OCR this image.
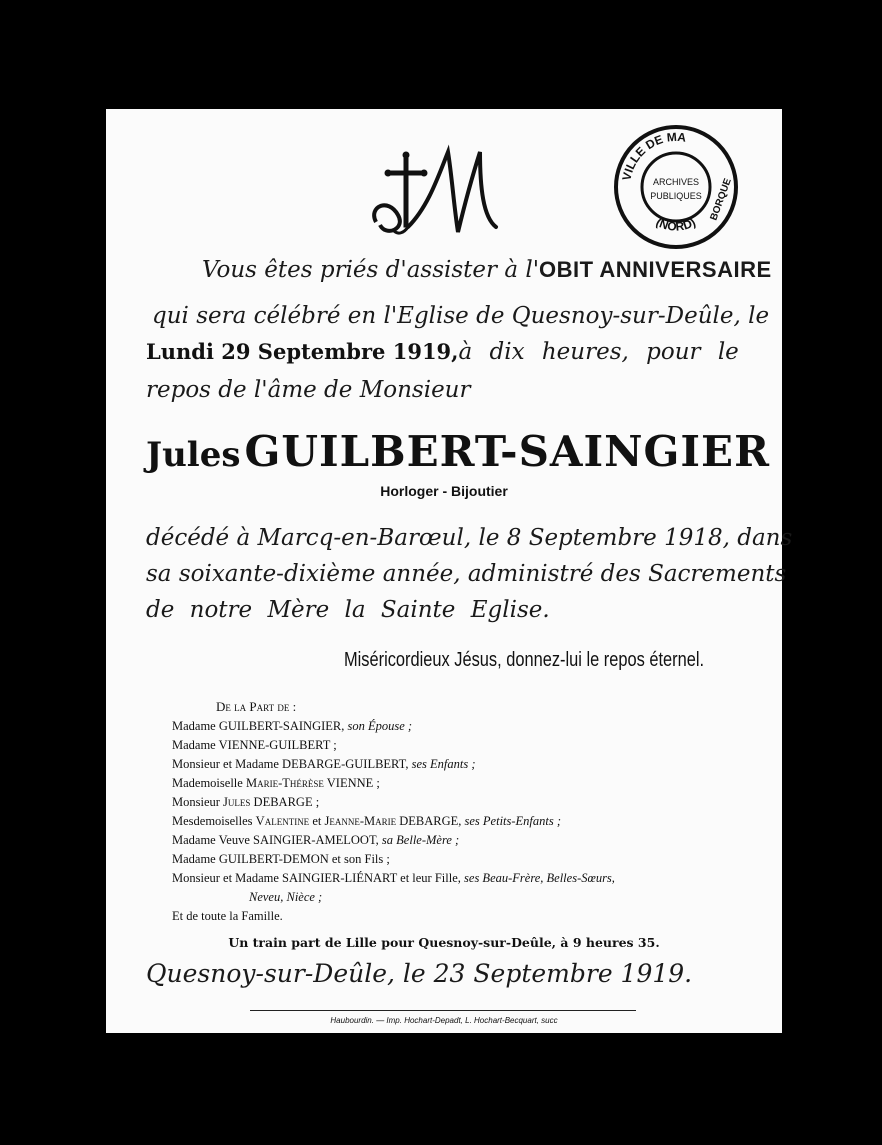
VILLE DE MA
BORQUE
(NORD)
ARCHIVES
PUBLIQUES
Vous êtes priés d'assister à l'OBIT ANNIVERSAIRE
qui sera célébré en l'Eglise de Quesnoy-sur-Deûle, le
Lundi 29 Septembre 1919, à dix heures, pour le
repos de l'âme de Monsieur
Jules GUILBERT-SAINGIER
Horloger - Bijoutier
décédé à Marcq-en-Barœul, le 8 Septembre 1918, dans
sa soixante-dixième année, administré des Sacrements
de notre Mère la Sainte Eglise.
Miséricordieux Jésus, donnez-lui le repos éternel.
De la Part de :
Madame GUILBERT-SAINGIER, son Épouse ;
Madame VIENNE-GUILBERT ;
Monsieur et Madame DEBARGE-GUILBERT, ses Enfants ;
Mademoiselle Marie-Thérèse VIENNE ;
Monsieur Jules DEBARGE ;
Mesdemoiselles Valentine et Jeanne-Marie DEBARGE, ses Petits-Enfants ;
Madame Veuve SAINGIER-AMELOOT, sa Belle-Mère ;
Madame GUILBERT-DEMON et son Fils ;
Monsieur et Madame SAINGIER-LIÉNART et leur Fille, ses Beau-Frère, Belles-Sœurs,
Neveu, Nièce ;
Et de toute la Famille.
Un train part de Lille pour Quesnoy-sur-Deûle, à 9 heures 35.
Quesnoy-sur-Deûle, le 23 Septembre 1919.
Haubourdin. — Imp. Hochart-Depadt, L. Hochart-Becquart, succ
